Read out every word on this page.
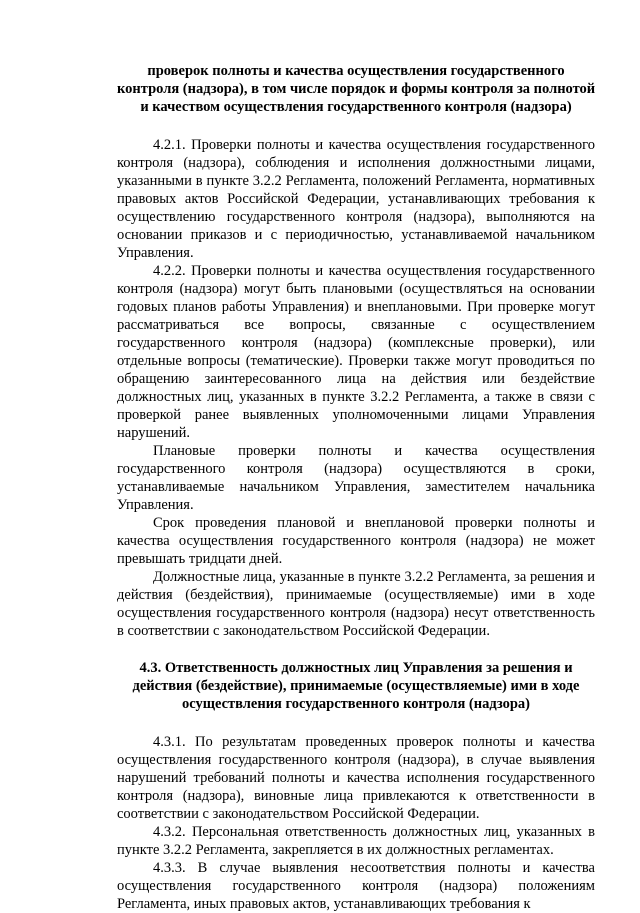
проверок полноты и качества осуществления государственного
контроля (надзора), в том числе порядок и формы контроля за полнотой
и качеством осуществления государственного контроля (надзора)

4.2.1. Проверки полноты и качества осуществления государственного контроля (надзора), соблюдения и исполнения должностными лицами, указанными в пункте 3.2.2 Регламента, положений Регламента, нормативных правовых актов Российской Федерации, устанавливающих требования к осуществлению государственного контроля (надзора), выполняются на основании приказов и с периодичностью, устанавливаемой начальником Управления.

4.2.2. Проверки полноты и качества осуществления государственного контроля (надзора) могут быть плановыми (осуществляться на основании годовых планов работы Управления) и внеплановыми. При проверке могут рассматриваться все вопросы, связанные с осуществлением государственного контроля (надзора) (комплексные проверки), или отдельные вопросы (тематические). Проверки также могут проводиться по обращению заинтересованного лица на действия или бездействие должностных лиц, указанных в пункте 3.2.2 Регламента, а также в связи с проверкой ранее выявленных уполномоченными лицами Управления нарушений.

Плановые проверки полноты и качества осуществления государственного контроля (надзора) осуществляются в сроки, устанавливаемые начальником Управления, заместителем начальника Управления.

Срок проведения плановой и внеплановой проверки полноты и качества осуществления государственного контроля (надзора) не может превышать тридцати дней.

Должностные лица, указанные в пункте 3.2.2 Регламента, за решения и действия (бездействия), принимаемые (осуществляемые) ими в ходе осуществления государственного контроля (надзора) несут ответственность в соответствии с законодательством Российской Федерации.

4.3. Ответственность должностных лиц Управления за решения и
действия (бездействие), принимаемые (осуществляемые) ими в ходе
осуществления государственного контроля (надзора)

4.3.1. По результатам проведенных проверок полноты и качества осуществления государственного контроля (надзора), в случае выявления нарушений требований полноты и качества исполнения государственного контроля (надзора), виновные лица привлекаются к ответственности в соответствии с законодательством Российской Федерации.

4.3.2. Персональная ответственность должностных лиц, указанных в пункте 3.2.2 Регламента, закрепляется в их должностных регламентах.

4.3.3. В случае выявления несоответствия полноты и качества осуществления государственного контроля (надзора) положениям Регламента, иных правовых актов, устанавливающих требования к
